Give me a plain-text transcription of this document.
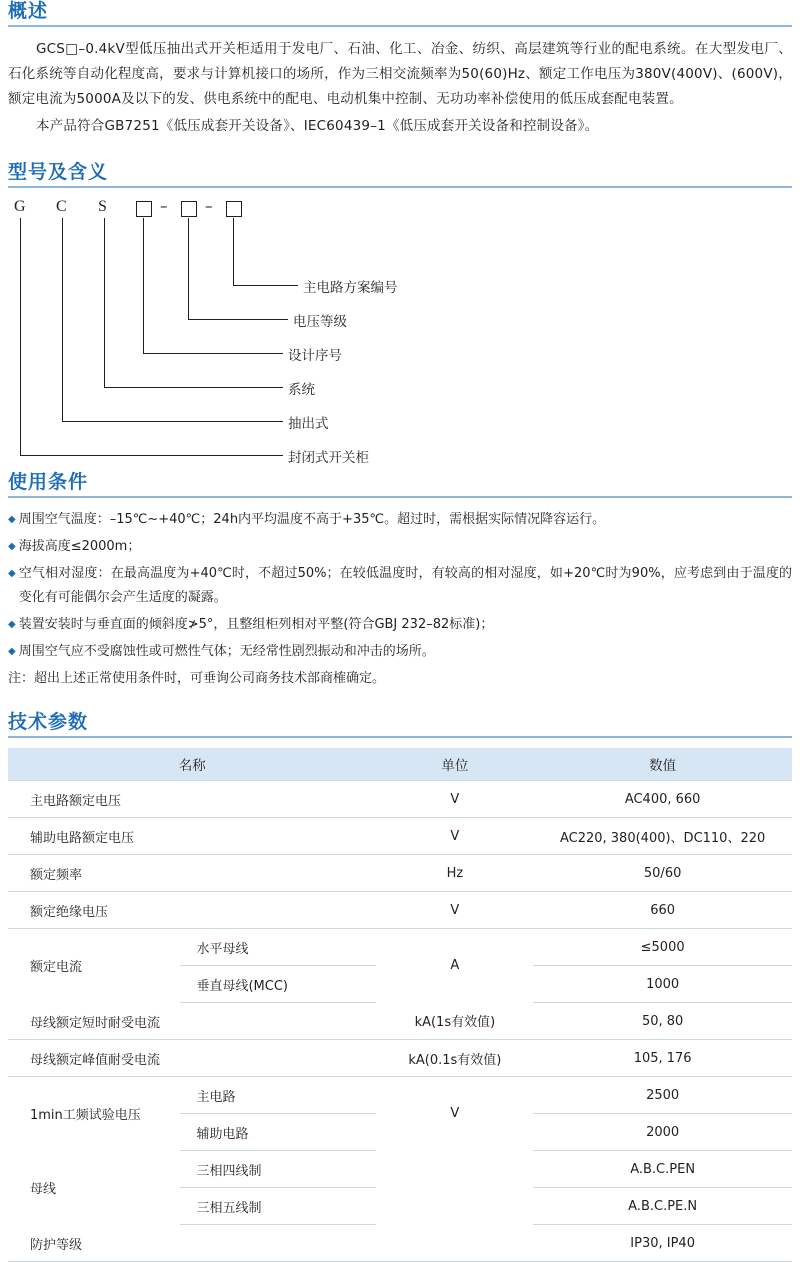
概述

GCS□–0.4kV型低压抽出式开关柜适用于发电厂、石油、化工、冶金、纺织、高层建筑等行业的配电系统。在大型发电厂、石化系统等自动化程度高，要求与计算机接口的场所，作为三相交流频率为50(60)Hz、额定工作电压为380V(400V)、(600V)，额定电流为5000A及以下的发、供电系统中的配电、电动机集中控制、无功功率补偿使用的低压成套配电装置。

本产品符合GB7251《低压成套开关设备》、IEC60439–1《低压成套开关设备和控制设备》。

型号及含义
G C S	–	–
主电路方案编号
电压等级
设计序号
系统
抽出式
封闭式开关柜
使用条件
◆ 周围空气温度：–15℃~+40℃；24h内平均温度不高于+35℃。超过时，需根据实际情况降容运行。
◆ 海拔高度≤2000m；
◆ 空气相对湿度：在最高温度为+40℃时，不超过50%；在较低温度时，有较高的相对湿度，如+20℃时为90%，应考虑到由于温度的变化有可能偶尔会产生适度的凝露。
◆ 装置安装时与垂直面的倾斜度≯5°，且整组柜列相对平整(符合GBJ 232–82标准)；
◆ 周围空气应不受腐蚀性或可燃性气体；无经常性剧烈振动和冲击的场所。
注：超出上述正常使用条件时，可垂询公司商务技术部商榷确定。
技术参数
名称		单位	数值
主电路额定电压		V	AC400, 660
辅助电路额定电压		V	AC220, 380(400)、DC110、220
额定频率		Hz	50/60
额定绝缘电压		V	660
额定电流	水平母线	A	≤5000
	垂直母线(MCC)		1000
母线额定短时耐受电流		kA(1s有效值)	50, 80
母线额定峰值耐受电流		kA(0.1s有效值)	105, 176
1min工频试验电压	主电路	V	2500
	辅助电路		2000
母线	三相四线制		A.B.C.PEN
	三相五线制		A.B.C.PE.N
防护等级			IP30, IP40
